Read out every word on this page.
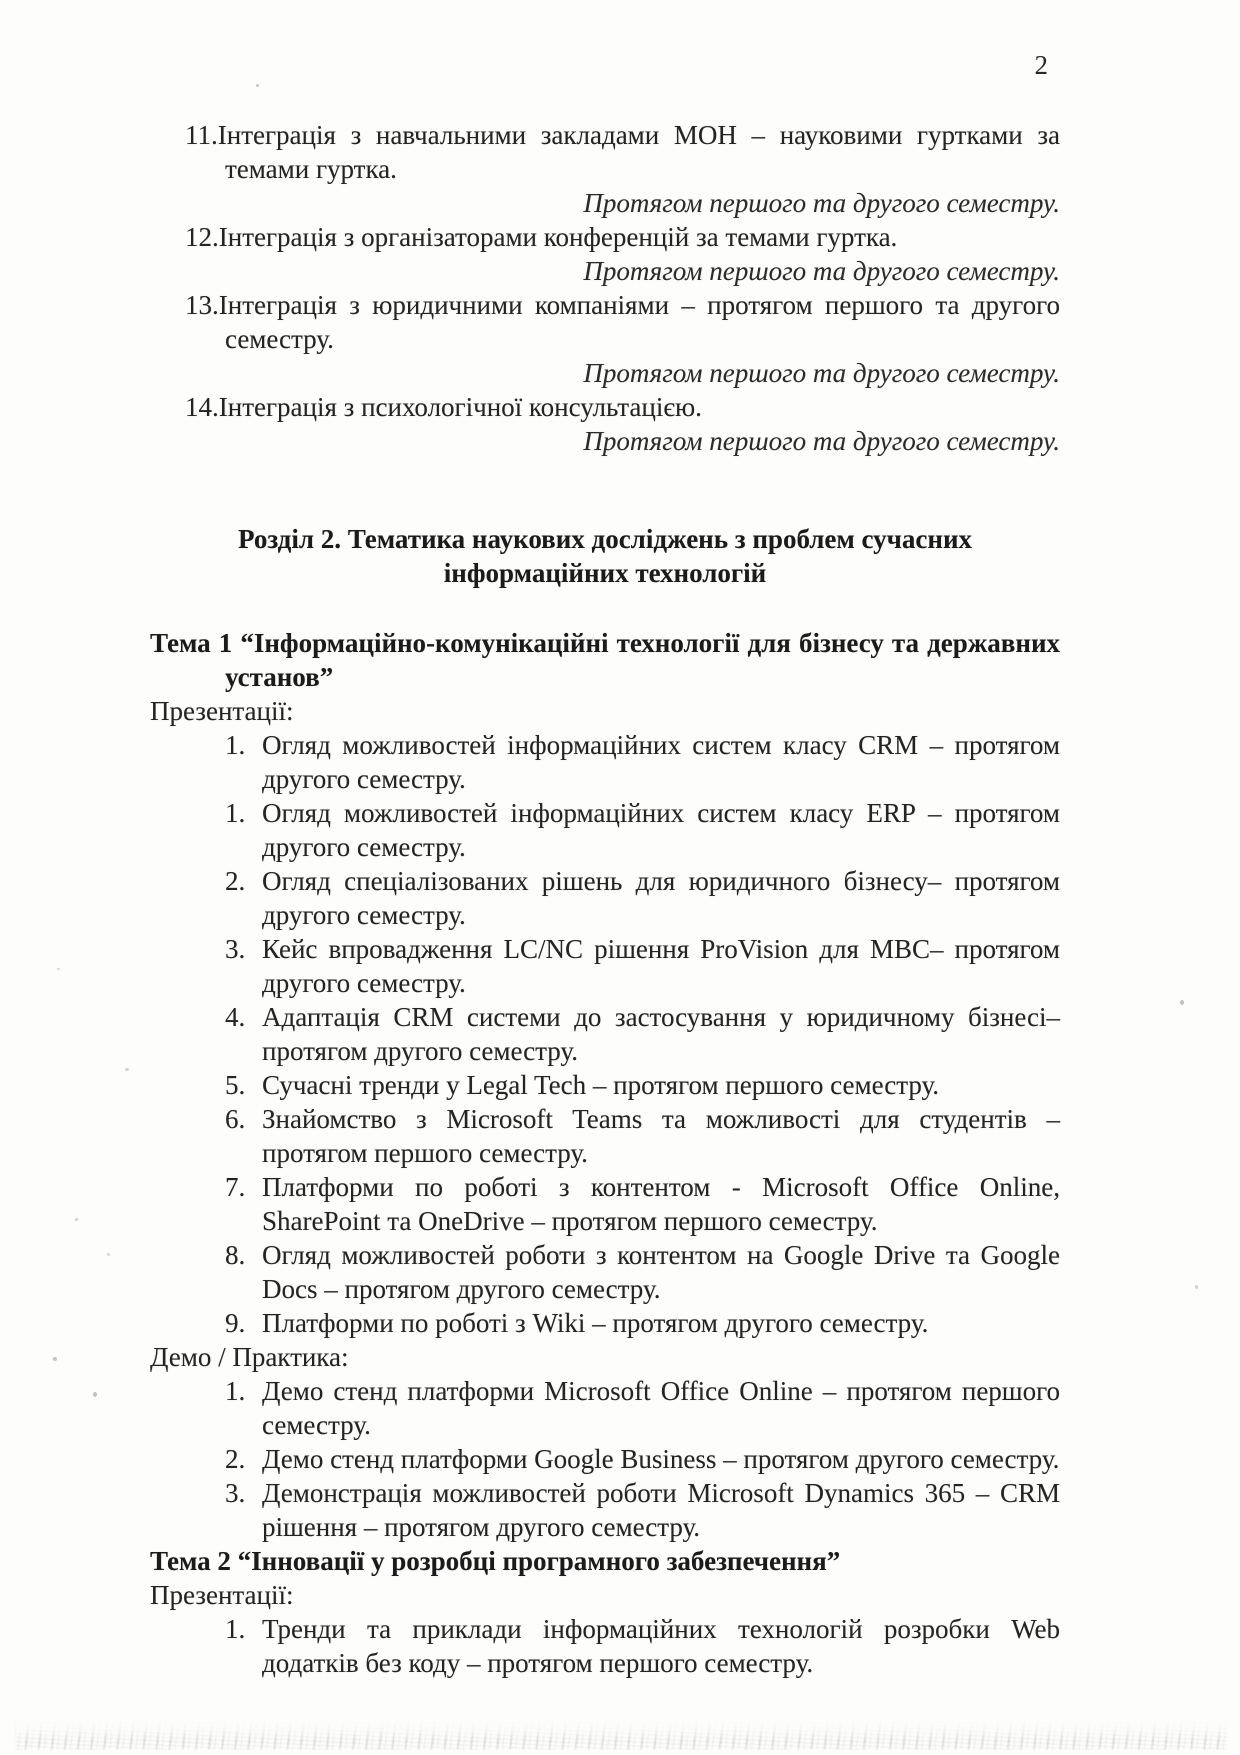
2
11.Інтеграція з навчальними закладами МОН – науковими гуртками за темами гуртка.
Протягом першого та другого семестру.
12.Інтеграція з організаторами конференцій за темами гуртка.
Протягом першого та другого семестру.
13.Інтеграція з юридичними компаніями – протягом першого та другого семестру.
Протягом першого та другого семестру.
14.Інтеграція з психологічної консультацією.
Протягом першого та другого семестру.
Розділ 2. Тематика наукових досліджень з проблем сучасних
інформаційних технологій
Тема 1 “Інформаційно-комунікаційні технології для бізнесу та державних установ”
Презентації:
1. Огляд можливостей інформаційних систем класу CRM – протягом другого семестру.
1. Огляд можливостей інформаційних систем класу ERP – протягом другого семестру.
2. Огляд спеціалізованих рішень для юридичного бізнесу– протягом другого семестру.
3. Кейс впровадження LC/NC рішення ProVision для МВС– протягом другого семестру.
4. Адаптація CRM системи до застосування у юридичному бізнесі– протягом другого семестру.
5. Сучасні тренди у Legal Tech – протягом першого семестру.
6. Знайомство з Microsoft Teams та можливості для студентів – протягом першого семестру.
7. Платформи по роботі з контентом - Microsoft Office Online, SharePoint та OneDrive – протягом першого семестру.
8. Огляд можливостей роботи з контентом на Google Drive та Google Docs – протягом другого семестру.
9. Платформи по роботі з Wiki – протягом другого семестру.
Демо / Практика:
1. Демо стенд платформи Microsoft Office Online – протягом першого семестру.
2. Демо стенд платформи Google Business – протягом другого семестру.
3. Демонстрація можливостей роботи Microsoft Dynamics 365 – CRM рішення – протягом другого семестру.
Тема 2 “Інновації у розробці програмного забезпечення”
Презентації:
1. Тренди та приклади інформаційних технологій розробки Web додатків без коду – протягом першого семестру.
